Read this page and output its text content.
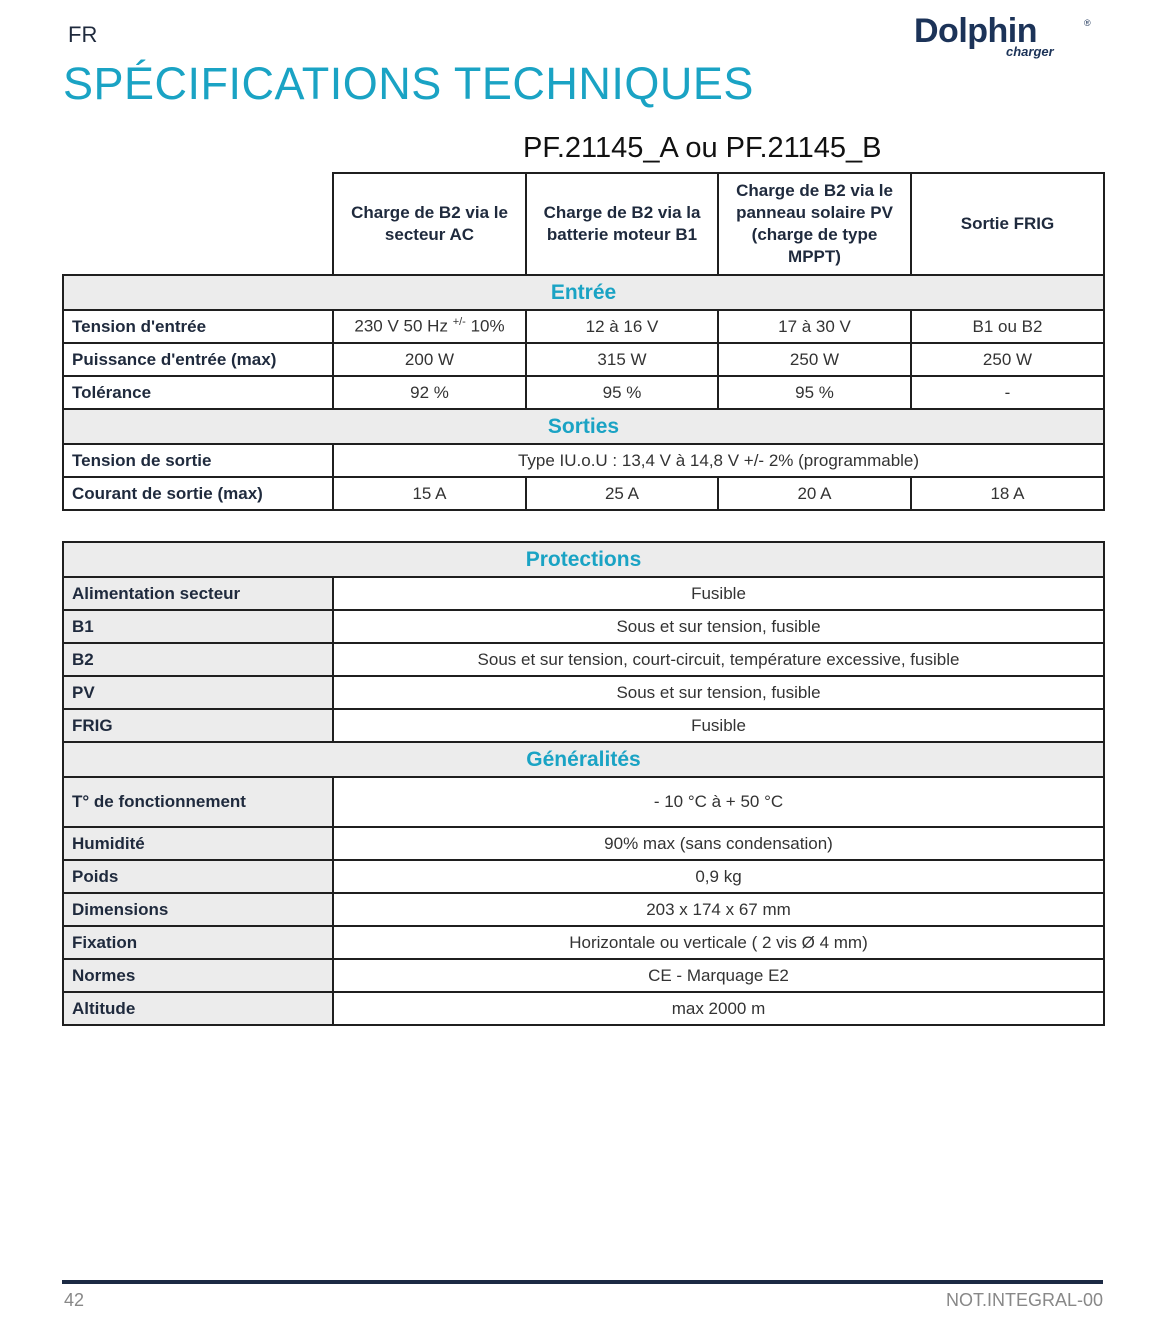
FR
SPÉCIFICATIONS TECHNIQUES
Dolphin	®
charger
PF.21145_A ou PF.21145_B
	Charge de B2 via le secteur AC	Charge de B2 via la batterie moteur B1	Charge de B2 via le panneau solaire PV (charge de type MPPT)	Sortie FRIG
Entrée				
Tension d'entrée	230 V 50 Hz +/- 10%	12 à 16 V	17 à 30 V	B1 ou B2
Puissance d'entrée (max)	200 W	315 W	250 W	250 W
Tolérance	92 %	95 %	95 %	-
Sorties				
Tension de sortie	Type IU.o.U : 13,4 V à 14,8 V +/- 2% (programmable)			
Courant de sortie (max)	15 A	25 A	20 A	18 A
Protections	
Alimentation secteur	Fusible
B1	Sous et sur tension, fusible
B2	Sous et sur tension, court-circuit, température excessive, fusible
PV	Sous et sur tension, fusible
FRIG	Fusible
Généralités	
T° de fonctionnement	- 10 °C à + 50 °C
Humidité	90% max (sans condensation)
Poids	0,9 kg
Dimensions	203 x 174 x 67 mm
Fixation	Horizontale ou verticale ( 2 vis Ø 4 mm)
Normes	CE - Marquage E2
Altitude	max 2000 m
42	NOT.INTEGRAL-00
